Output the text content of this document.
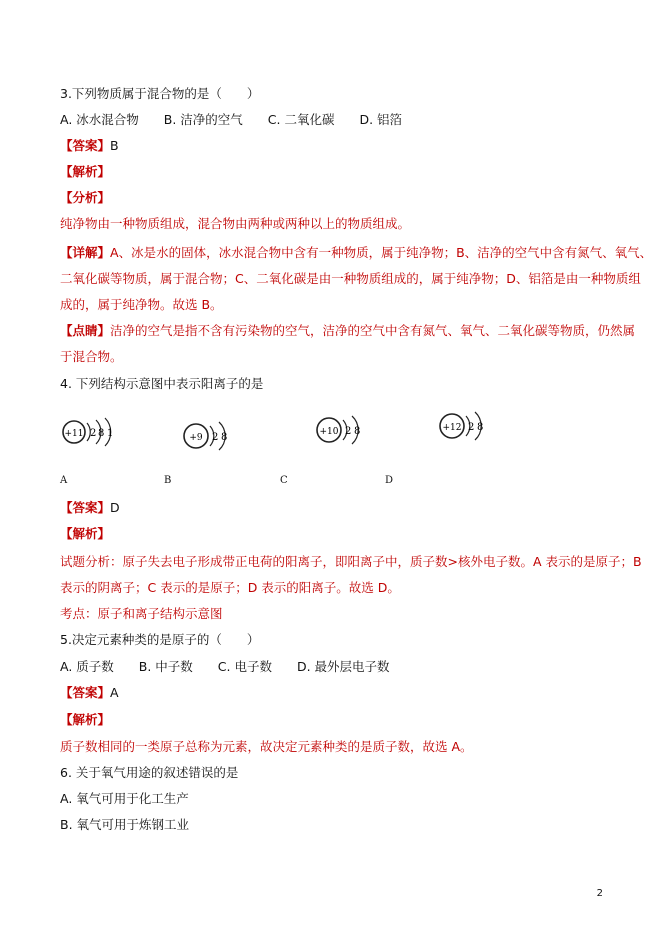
3.下列物质属于混合物的是（　　）
A. 冰水混合物　　B. 洁净的空气　　C. 二氧化碳　　D. 铝箔
【答案】B
【解析】
【分析】
纯净物由一种物质组成，混合物由两种或两种以上的物质组成。
【详解】A、冰是水的固体，冰水混合物中含有一种物质，属于纯净物；B、洁净的空气中含有氮气、氧气、
二氧化碳等物质，属于混合物；C、二氧化碳是由一种物质组成的，属于纯净物；D、铝箔是由一种物质组
成的，属于纯净物。故选 B。
【点睛】洁净的空气是指不含有污染物的空气，洁净的空气中含有氮气、氧气、二氧化碳等物质，仍然属
于混合物。
4. 下列结构示意图中表示阳离子的是
+11 2 8 1	+9 2 8	+10 2 8	+12 2 8
A	B	C	D
【答案】D
【解析】
试题分析：原子失去电子形成带正电荷的阳离子，即阳离子中，质子数>核外电子数。A 表示的是原子；B
表示的阴离子；C 表示的是原子；D 表示的阳离子。故选 D。
考点：原子和离子结构示意图
5.决定元素种类的是原子的（　　）
A. 质子数　　B. 中子数　　C. 电子数　　D. 最外层电子数
【答案】A
【解析】
质子数相同的一类原子总称为元素，故决定元素种类的是质子数，故选 A。
6. 关于氧气用途的叙述错误的是
A. 氧气可用于化工生产
B. 氧气可用于炼钢工业
2
